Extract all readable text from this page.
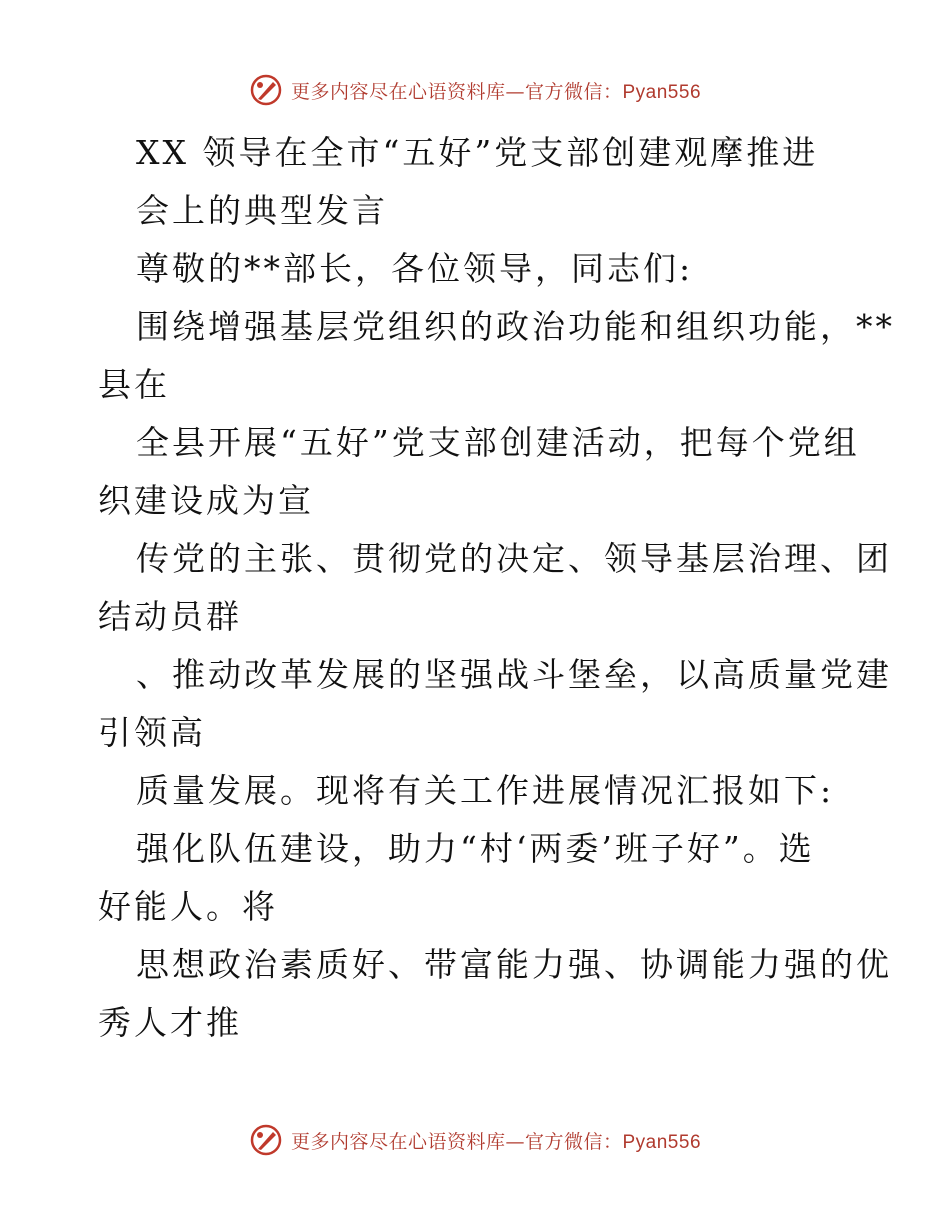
更多内容尽在心语资料库—官方微信：Pyan556
XX 领导在全市“五好”党支部创建观摩推进
会上的典型发言
尊敬的**部长，各位领导，同志们:
围绕增强基层党组织的政治功能和组织功能，**
县在
全县开展“五好”党支部创建活动，把每个党组
织建设成为宣
传党的主张、贯彻党的决定、领导基层治理、团
结动员群
、推动改革发展的坚强战斗堡垒，以高质量党建
引领高
质量发展。现将有关工作进展情况汇报如下:
强化队伍建设，助力“村‘两委’班子好”。选
好能人。将
思想政治素质好、带富能力强、协调能力强的优
秀人才推
更多内容尽在心语资料库—官方微信：Pyan556
